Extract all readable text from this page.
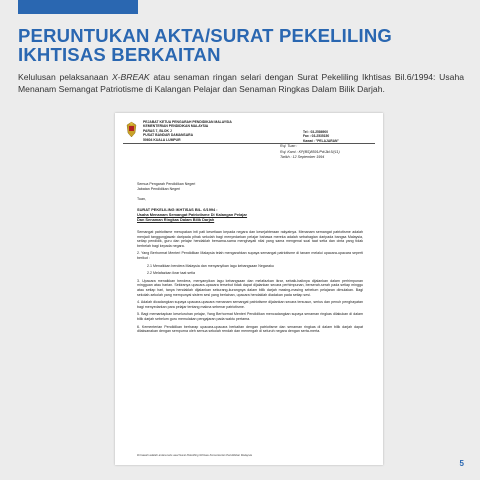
PERUNTUKAN AKTA/SURAT PEKELILING IKHTISAS BERKAITAN
Kelulusan pelaksanaan X-BREAK atau senaman ringan selari dengan Surat Pekeliling Ikhtisas Bil.6/1994: Usaha Menanam Semangat Patriotisme di Kalangan Pelajar dan Senaman Ringkas Dalam Bilik Darjah.
PEJABAT KETUA PENGARAH PENDIDIKAN MALAYSIA
KEMENTERIAN PENDIDIKAN MALAYSIA
PARAS 7, BLOK J
PUSAT BANDAR DAMANSARA
50604 KUALA LUMPUR
Tel : 03-2586900
Fax : 03-2535150
Kawat : "PELAJARAN"
Ruj. Tuan :
Ruj. Kami : KP(BS)8591/Pd/Jld.5/(11)
Tarikh : 12 September 1994
Semua Pengarah Pendidikan Negeri
Jabatan Pendidikan Negeri
Tuan,
SURAT PEKELILING IKHTISAS BIL. 6/1994 :
Usaha Menanam Semangat Patriotisme Di Kalangan Pelajar
Dan Senaman Ringkas Dalam Bilik Darjah

Semangat patriotisme merupakan inti pati kesetiaan kepada negara dan kesejahteraan rakyatnya. Menanam semangat patriotisme adalah menjadi tanggungjawab daripada pihak sekolah bagi menyedarkan pelajar bahawa mereka adalah sebahagian daripada bangsa Malaysia, setiap pendidik, guru dan pelajar hendaklah bersama-sama menghayati nilai yang sama mengenai soal taat setia dan cinta yang tidak berbelah bagi kepada negara.

2. Yang Berhormat Menteri Pendidikan Malaysia telah mengarahkan supaya semangat patriotisme di tanam melalui upacara-upacara seperti berikut :

2.1 Menaikkan bendera Malaysia dan menyanyikan lagu kebangsaan Negaraku

2.2 Melafazkan ikrar taat setia

3. Upacara menaikkan bendera, menyanyikan lagu kebangsaan dan melafazkan ikrar, sebaik-baiknya dijalankan dalam perhimpunan mingguan atau harian. Sekiranya upacara-upacara tersebut tidak dapat dijalankan secara perhimpunan, berserah-serah pada setiap minggu atau setiap hari, tanya hendaklah dijalankan sekurang-kurangnya dalam bilik darjah masing-masing sebelum pelajaran dimulakan. Bagi sekolah-sekolah yang mempunyai sistem sesi yang berlainan, upacara hendaklah diadakan pada setiap sesi.

4. Adalah dicadangkan supaya upacara-upacara menanam semangat patriotisme dijalankan secara tersusun, serius dan penuh penghayatan bagi menyedarkan para pelajar tentang makna sebenar patriotisme.

5. Bagi memantapkan keseluruhan pelajar, Yang Berhormat Menteri Pendidikan mencadangkan supaya senaman ringkas dilakukan di dalam bilik darjah sebelum guru memulakan pengajaran pada waktu pertama.

6. Kementerian Pendidikan berharap upacara-upacara berkaitan dengan patriotisme dan senaman ringkas di dalam bilik darjah dapat dilaksanakan dengan sempurna oleh semua sekolah rendah dan menengah di seluruh negara dengan serta-merta.

Di bawah adalah antara teks asal Surat Pekeliling Ikhtisas Kementerian Pendidikan Malaysia
5
